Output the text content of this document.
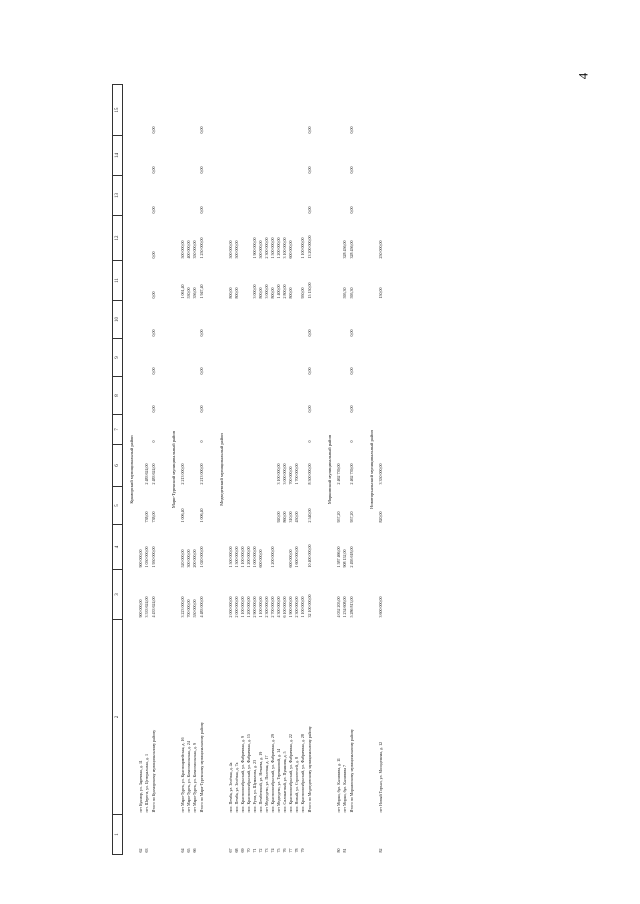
4
1	2	3	4	5	6	7	8	9	10	11	12	13	14	15
Кукморский муниципальный район														
62	пгт Кукмор, ул. Заречная, д. 11	900 000,00	900 000,00											
63	пгт. Шереги, ул. Центральная, д. 1	3 533 624,00	1 050 000,00	738,00	2 483 624,00									
	Итого по Кукморскому муниципальному району	4 433 624,00	1 950 000,00	738,00	2 483 624,00	0	0,00	0,00	0,00	0,00	0,00	0,00	0,00	0,00
Мари-Турекский муниципальный район														
64	пгт Мари-Турек, ул. Красноармейская, д. 16	3 223 000,00	520 000,00	1 006,40	2 213 000,00					1 061,40	500 000,00			
65	пгт Мари-Турек, ул. Комсомольская, д. 24	700 000,00	300 000,00							530,00	400 000,00			
66	пгт Мари-Турек, ул. Комсомольская, д. 9	550 000,00	200 000,00							356,00	350 000,00			
	Итого по Мари-Турекскому муниципальному району	4 483 000,00	1 020 000,00	1 006,40	2 213 000,00	0	0,00	0,00	0,00	1 947,40	1 250 000,00	0,00	0,00	0,00
Медведевский муниципальный район														
67	пос. Пемба, ул. Зелёная, д. 4а	2 000 000,00	1 500 000,00							800,00	500 000,00			
68	пос. Пемба, ул. Зелёная, д. 7а	2 000 000,00	1 500 000,00							800,00	500 000,00			
69	пос. Краснооктябрьский, ул. Фабричная, д. 9	1 100 000,00	1 100 000,00											
70	пос. Краснооктябрьский, ул. Фабричная, д. 15	1 200 000,00	1 200 000,00											
71	пос. Руэм, ул. Шумилова, д. 23	2 900 000,00	1 000 000,00							3 000,00	1 900 000,00			
72	пос. Пембенский, ул. Нечаева, д. 19	1 100 000,00	600 000,00							800,00	500 000,00			
73	пгт Медведево, ул. Полевая, д. 17	2 300 000,00								3 000,00	2 300 000,00			
74	пос. Краснооктябрьский, ул. Фабричная, д. 29	2 700 000,00	1 200 000,00							800,00	1 500 000,00			
75	пгт Медведево, ул. Терешковой, д. 14	4 300 000,00		920,00	3 100 000,00					1 400,00	1 200 000,00			
76	пос. Силикатный, ул. Пушкина, д. 5	6 100 000,00		860,00	3 000 000,00					2 800,00	3 100 000,00			
77	пос. Краснооктябрьский, ул. Фабричная, д. 22	1 900 000,00	600 000,00	310,00	700 000,00					800,00	600 000,00			
78	пос. Новый, ул. Строителей, д. 8	2 300 000,00	1 600 000,00	450,00	1 700 000,00									
79	пос. Краснооктябрьский, ул. Фабричная, д. 28	1 100 000,00								950,00	1 100 000,00			
	Итого по Медведевскому муниципальному району	32 100 000,00	10 400 000,00	2 540,00	8 500 000,00	0	0,00	0,00	0,00	15 150,00	13 200 000,00	0,00	0,00	0,00
Моркинский муниципальный район														
80	пгт Морки, бул. Калинина, д. 11	4 052 205,00	1 587 466,00	957,20	2 462 739,00									
81	пгт Морки, бул. Калинина 7	1 234 608,00	908 152,00							595,30	328 456,00			
	Итого по Моркинскому муниципальному району	5 286 813,00	2 495 618,00	957,20	2 462 739,00	0	0,00	0,00	0,00	595,30	328 456,00	0,00	0,00	0,00
Новоторъяльский муниципальный район														
82	пгт Новый Торъял, ул. Молодежная, д. 12	3 600 000,00		820,00	3 350 000,00					150,00	250 000,00			
